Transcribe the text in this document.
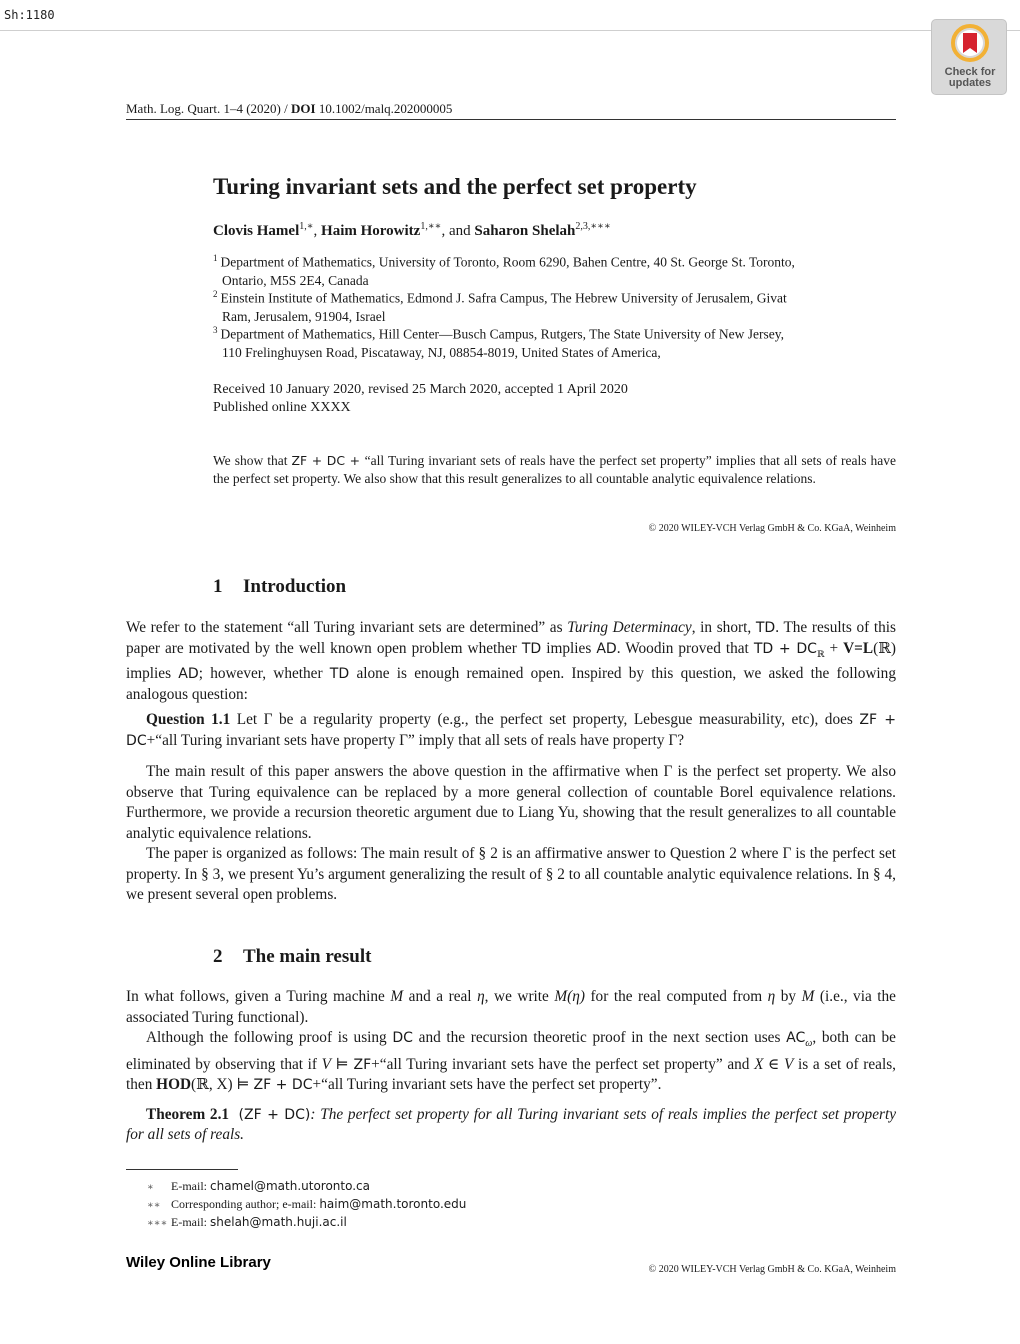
Sh:1180
Check for
updates
Math. Log. Quart. 1–4 (2020) / DOI 10.1002/malq.202000005
Turing invariant sets and the perfect set property
Clovis Hamel$^{1,∗}$, Haim Horowitz$^{1,∗∗}$, and Saharon Shelah$^{2,3,∗∗∗}$
$^1$ Department of Mathematics, University of Toronto, Room 6290, Bahen Centre, 40 St. George St. Toronto,
Ontario, M5S 2E4, Canada
$^2$ Einstein Institute of Mathematics, Edmond J. Safra Campus, The Hebrew University of Jerusalem, Givat
Ram, Jerusalem, 91904, Israel
$^3$ Department of Mathematics, Hill Center—Busch Campus, Rutgers, The State University of New Jersey,
110 Frelinghuysen Road, Piscataway, NJ, 08854-8019, United States of America,
Received 10 January 2020, revised 25 March 2020, accepted 1 April 2020
Published online XXXX
We show that ZF + DC + “all Turing invariant sets of reals have the perfect set property” implies that all sets of reals have the perfect set property. We also show that this result generalizes to all countable analytic equivalence relations.
© 2020 WILEY-VCH Verlag GmbH & Co. KGaA, Weinheim
1 Introduction

We refer to the statement “all Turing invariant sets are determined” as Turing Determinacy, in short, TD. The results of this paper are motivated by the well known open problem whether TD implies AD. Woodin proved that TD + $DC_ℝ$ + V=L(ℝ) implies AD; however, whether TD alone is enough remained open. Inspired by this question, we asked the following analogous question:

Question 1.1 Let Γ be a regularity property (e.g., the perfect set property, Lebesgue measurability, etc), does ZF + DC+“all Turing invariant sets have property Γ” imply that all sets of reals have property Γ?

The main result of this paper answers the above question in the affirmative when Γ is the perfect set property. We also observe that Turing equivalence can be replaced by a more general collection of countable Borel equivalence relations. Furthermore, we provide a recursion theoretic argument due to Liang Yu, showing that the result generalizes to all countable analytic equivalence relations.

The paper is organized as follows: The main result of § 2 is an affirmative answer to Question 2 where Γ is the perfect set property. In § 3, we present Yu’s argument generalizing the result of § 2 to all countable analytic equivalence relations. In § 4, we present several open problems.

2 The main result

In what follows, given a Turing machine M and a real η, we write M(η) for the real computed from η by M (i.e., via the associated Turing functional).

Although the following proof is using DC and the recursion theoretic proof in the next section uses $AC_\omega$, both can be eliminated by observing that if V ⊨ ZF+“all Turing invariant sets have the perfect set property” and X ∈ V is a set of reals, then HOD(ℝ, X) ⊨ ZF + DC+“all Turing invariant sets have the perfect set property”.

Theorem 2.1 (ZF + DC): The perfect set property for all Turing invariant sets of reals implies the perfect set property for all sets of reals.

∗ E-mail: chamel@math.utoronto.ca
∗∗ Corresponding author; e-mail: haim@math.toronto.edu
∗∗∗ E-mail: shelah@math.huji.ac.il
Wiley Online Library	© 2020 WILEY-VCH Verlag GmbH & Co. KGaA, Weinheim
